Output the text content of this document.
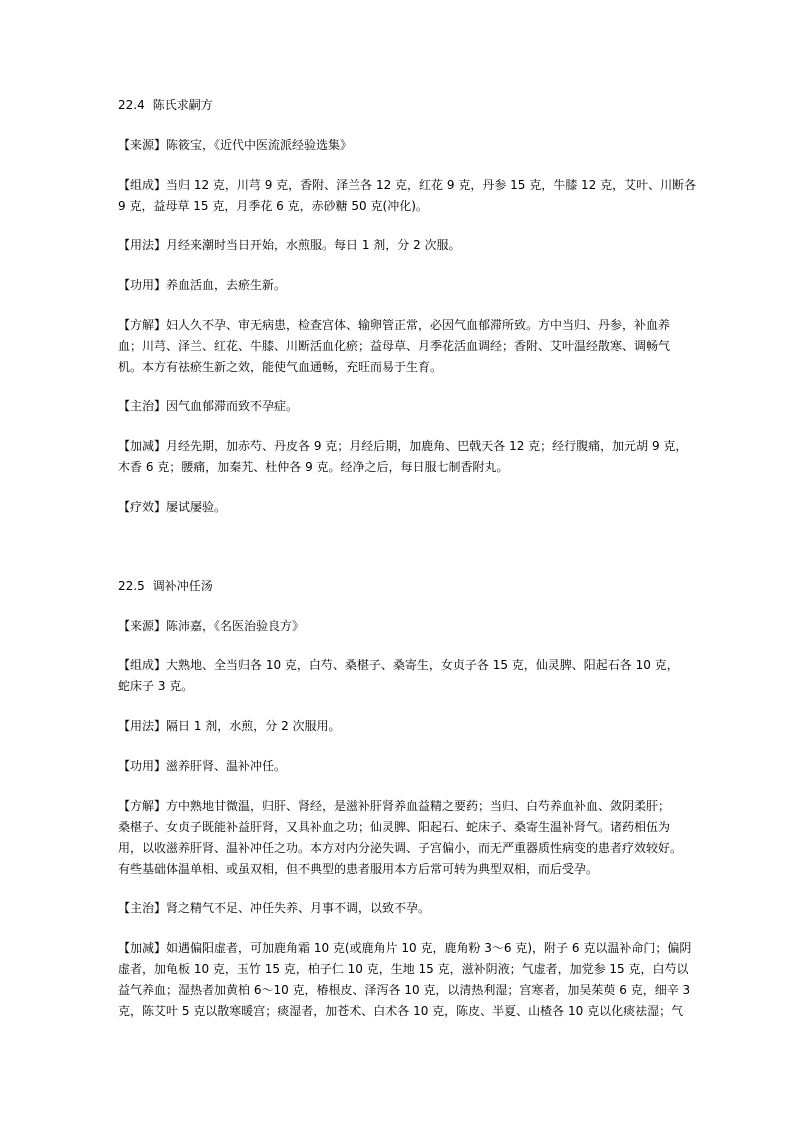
22.4 陈氏求嗣方
【来源】陈筱宝，《近代中医流派经验选集》
【组成】当归 12 克，川芎 9 克，香附、泽兰各 12 克，红花 9 克，丹参 15 克，牛膝 12 克，艾叶、川断各
9 克，益母草 15 克，月季花 6 克，赤砂糖 50 克(冲化)。
【用法】月经来潮时当日开始，水煎服。每日 1 剂，分 2 次服。
【功用】养血活血，去瘀生新。
【方解】妇人久不孕、审无病患，检查宫体、输卵管正常，必因气血郁滞所致。方中当归、丹参，补血养
血；川芎、泽兰、红花、牛膝、川断活血化瘀；益母草、月季花活血调经；香附、艾叶温经散寒、调畅气
机。本方有祛瘀生新之效，能使气血通畅，充旺而易于生育。
【主治】因气血郁滞而致不孕症。
【加减】月经先期，加赤芍、丹皮各 9 克；月经后期，加鹿角、巴戟天各 12 克；经行腹痛，加元胡 9 克，
木香 6 克；腰痛，加秦艽、杜仲各 9 克。经净之后，每日服七制香附丸。
【疗效】屡试屡验。
22.5 调补冲任汤
【来源】陈沛嘉，《名医治验良方》
【组成】大熟地、全当归各 10 克，白芍、桑椹子、桑寄生，女贞子各 15 克，仙灵脾、阳起石各 10 克，
蛇床子 3 克。
【用法】隔日 1 剂，水煎，分 2 次服用。
【功用】滋养肝肾、温补冲任。
【方解】方中熟地甘微温，归肝、肾经，是滋补肝肾养血益精之要药；当归、白芍养血补血、敛阴柔肝；
桑椹子、女贞子既能补益肝肾，又具补血之功；仙灵脾、阳起石、蛇床子、桑寄生温补肾气。诸药相伍为
用，以收滋养肝肾、温补冲任之功。本方对内分泌失调、子宫偏小，而无严重器质性病变的患者疗效较好。
有些基础体温单相、或虽双相，但不典型的患者服用本方后常可转为典型双相，而后受孕。
【主治】肾之精气不足、冲任失养、月事不调，以致不孕。
【加减】如遇偏阳虚者，可加鹿角霜 10 克(或鹿角片 10 克，鹿角粉 3～6 克)，附子 6 克以温补命门；偏阴
虚者，加龟板 10 克，玉竹 15 克，柏子仁 10 克，生地 15 克，滋补阴液；气虚者，加党参 15 克，白芍以
益气养血；湿热者加黄柏 6～10 克，椿根皮、泽泻各 10 克，以清热利湿；宫寒者，加吴茱萸 6 克，细辛 3
克，陈艾叶 5 克以散寒暖宫；痰湿者，加苍术、白术各 10 克，陈皮、半夏、山楂各 10 克以化痰祛湿；气
